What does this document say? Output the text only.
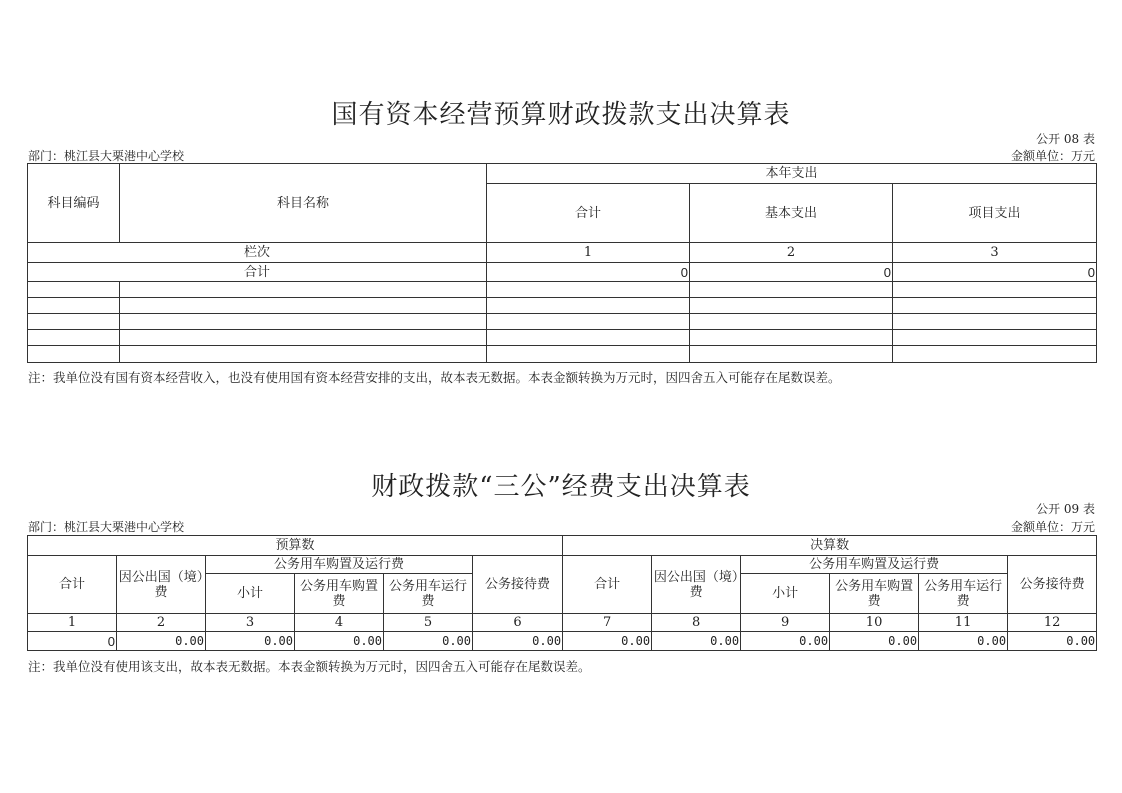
国有资本经营预算财政拨款支出决算表
公开 08 表
部门：桃江县大栗港中心学校	金额单位：万元
科目编码	科目名称	本年支出		
		合计	基本支出	项目支出
栏次		1	2	3
合计		0	0	0

注：我单位没有国有资本经营收入，也没有使用国有资本经营安排的支出，故本表无数据。本表金额转换为万元时，因四舍五入可能存在尾数误差。
财政拨款“三公”经费支出决算表
公开 09 表
部门：桃江县大栗港中心学校	金额单位：万元
预算数						决算数					
合计	因公出国（境）费	公务用车购置及运行费			公务接待费	合计	因公出国（境）费	公务用车购置及运行费			公务接待费
		小计	公务用车购置费	公务用车运行费				小计	公务用车购置费	公务用车运行费	
1	2	3	4	5	6	7	8	9	10	11	12
0	0.00	0.00	0.00	0.00	0.00	0.00	0.00	0.00	0.00	0.00	0.00
注：我单位没有使用该支出，故本表无数据。本表金额转换为万元时，因四舍五入可能存在尾数误差。
